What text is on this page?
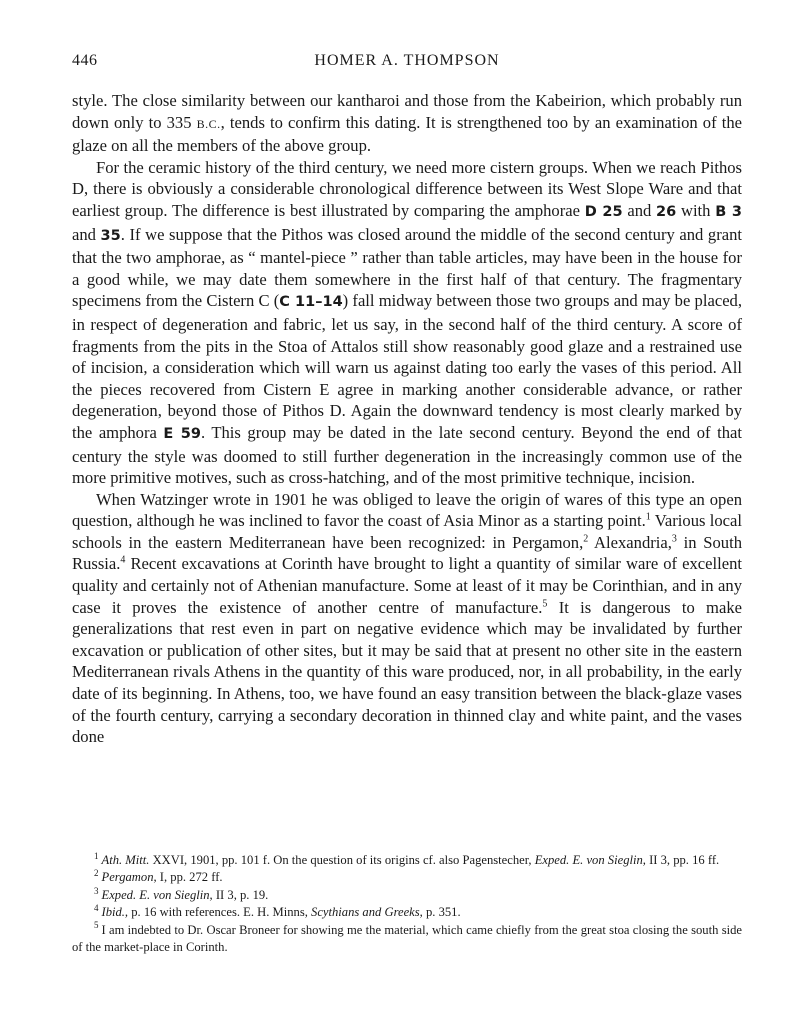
446	HOMER A. THOMPSON

style. The close similarity between our kantharoi and those from the Kabeirion, which probably run down only to 335 B.C., tends to confirm this dating. It is strengthened too by an examination of the glaze on all the members of the above group.

For the ceramic history of the third century, we need more cistern groups. When we reach Pithos D, there is obviously a considerable chronological difference between its West Slope Ware and that earliest group. The difference is best illustrated by comparing the amphorae D 25 and 26 with B 3 and 35. If we suppose that the Pithos was closed around the middle of the second century and grant that the two amphorae, as “ mantel-piece ” rather than table articles, may have been in the house for a good while, we may date them somewhere in the first half of that century. The fragmentary specimens from the Cistern C (C 11–14) fall midway between those two groups and may be placed, in respect of degeneration and fabric, let us say, in the second half of the third century. A score of fragments from the pits in the Stoa of Attalos still show reasonably good glaze and a restrained use of incision, a consideration which will warn us against dating too early the vases of this period. All the pieces recovered from Cistern E agree in marking another considerable advance, or rather degeneration, beyond those of Pithos D. Again the downward tendency is most clearly marked by the amphora E 59. This group may be dated in the late second century. Beyond the end of that century the style was doomed to still further degeneration in the increasingly common use of the more primitive motives, such as cross-hatching, and of the most primitive technique, incision.

When Watzinger wrote in 1901 he was obliged to leave the origin of wares of this type an open question, although he was inclined to favor the coast of Asia Minor as a starting point.$^1$ Various local schools in the eastern Mediterranean have been recognized: in Pergamon,$^2$ Alexandria,$^3$ in South Russia.$^4$ Recent excavations at Corinth have brought to light a quantity of similar ware of excellent quality and certainly not of Athenian manufacture. Some at least of it may be Corinthian, and in any case it proves the existence of another centre of manufacture.$^5$ It is dangerous to make generalizations that rest even in part on negative evidence which may be invalidated by further excavation or publication of other sites, but it may be said that at present no other site in the eastern Mediterranean rivals Athens in the quantity of this ware produced, nor, in all probability, in the early date of its beginning. In Athens, too, we have found an easy transition between the black-glaze vases of the fourth century, carrying a secondary decoration in thinned clay and white paint, and the vases done

$^1$ Ath. Mitt. XXVI, 1901, pp. 101 f. On the question of its origins cf. also Pagenstecher, Exped. E. von Sieglin, II 3, pp. 16 ff.

$^2$ Pergamon, I, pp. 272 ff.

$^3$ Exped. E. von Sieglin, II 3, p. 19.

$^4$ Ibid., p. 16 with references. E. H. Minns, Scythians and Greeks, p. 351.

$^5$ I am indebted to Dr. Oscar Broneer for showing me the material, which came chiefly from the great stoa closing the south side of the market-place in Corinth.
